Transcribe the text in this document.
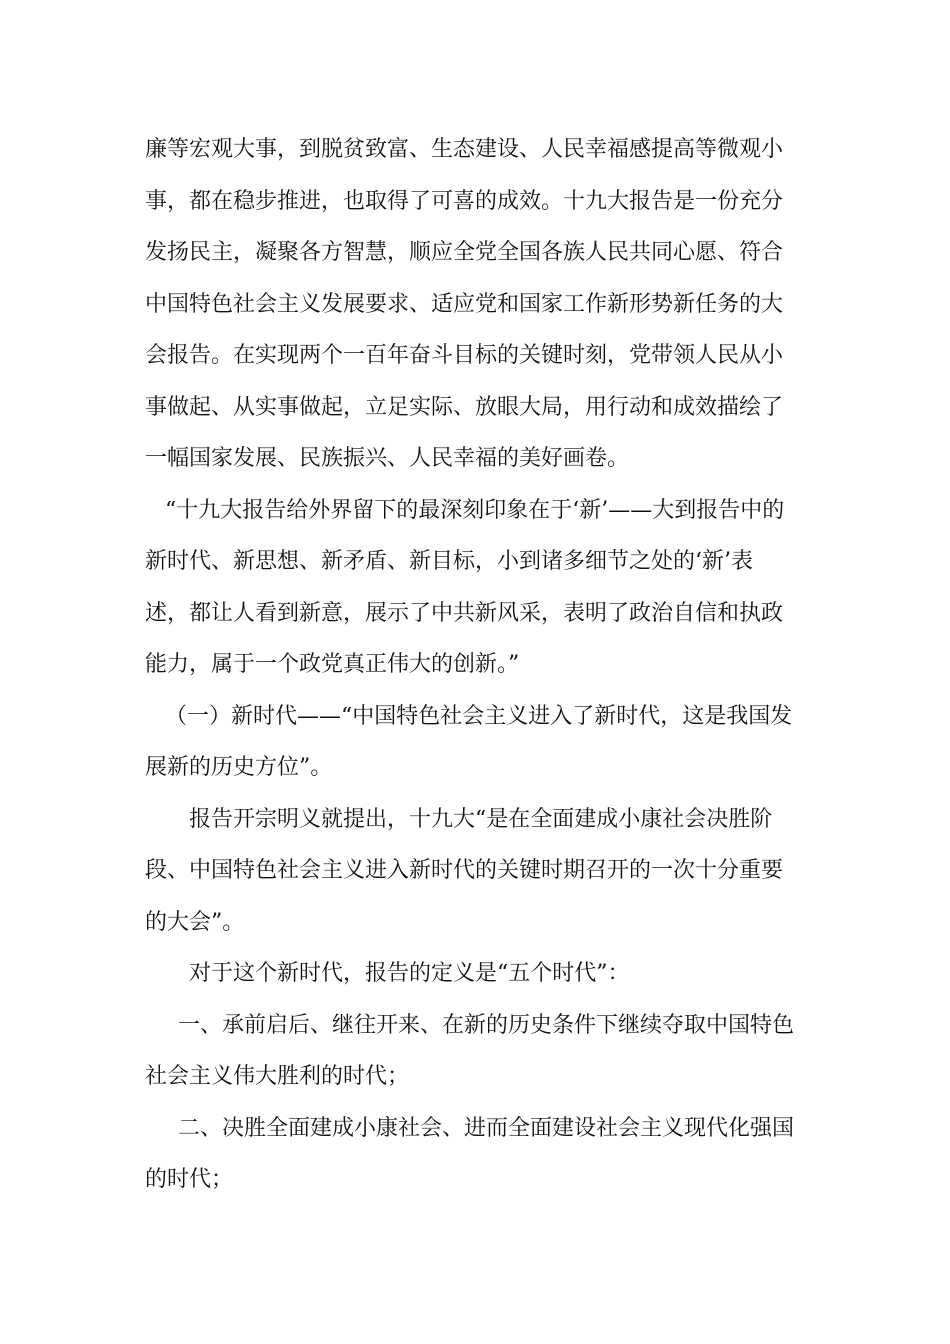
廉等宏观大事，到脱贫致富、生态建设、人民幸福感提高等微观小
事，都在稳步推进，也取得了可喜的成效。十九大报告是一份充分
发扬民主，凝聚各方智慧，顺应全党全国各族人民共同心愿、符合
中国特色社会主义发展要求、适应党和国家工作新形势新任务的大
会报告。在实现两个一百年奋斗目标的关键时刻，党带领人民从小
事做起、从实事做起，立足实际、放眼大局，用行动和成效描绘了
一幅国家发展、民族振兴、人民幸福的美好画卷。
“十九大报告给外界留下的最深刻印象在于‘新’——大到报告中的
新时代、新思想、新矛盾、新目标，小到诸多细节之处的‘新’表
述，都让人看到新意，展示了中共新风采，表明了政治自信和执政
能力，属于一个政党真正伟大的创新。”
（一）新时代——“中国特色社会主义进入了新时代，这是我国发
展新的历史方位”。
报告开宗明义就提出，十九大“是在全面建成小康社会决胜阶
段、中国特色社会主义进入新时代的关键时期召开的一次十分重要
的大会”。
对于这个新时代，报告的定义是“五个时代”：
一、承前启后、继往开来、在新的历史条件下继续夺取中国特色
社会主义伟大胜利的时代；
二、决胜全面建成小康社会、进而全面建设社会主义现代化强国
的时代；
